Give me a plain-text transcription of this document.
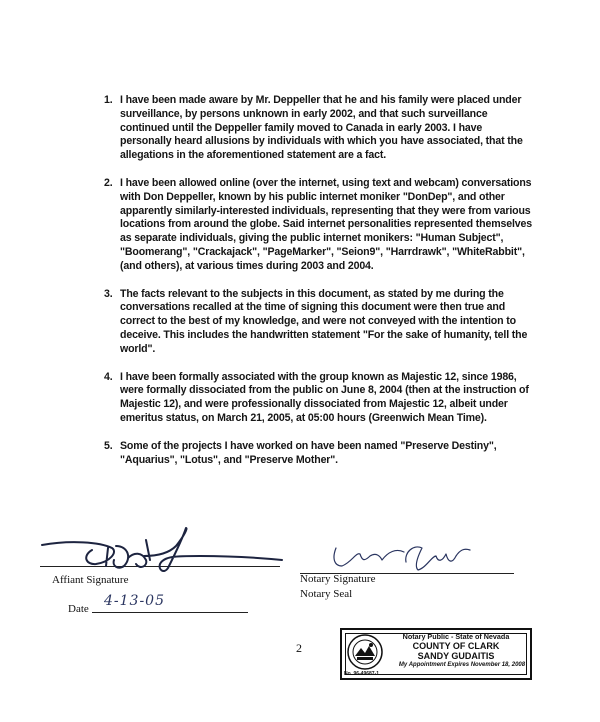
1. I have been made aware by Mr. Deppeller that he and his family were placed under surveillance, by persons unknown in early 2002, and that such surveillance continued until the Deppeller family moved to Canada in early 2003. I have personally heard allusions by individuals with which you have associated, that the allegations in the aforementioned statement are a fact.
2. I have been allowed online (over the internet, using text and webcam) conversations with Don Deppeller, known by his public internet moniker "DonDep", and other apparently similarly-interested individuals, representing that they were from various locations from around the globe. Said internet personalities represented themselves as separate individuals, giving the public internet monikers: "Human Subject", "Boomerang", "Crackajack", "PageMarker", "Seion9", "Harrdrawk", "WhiteRabbit", (and others), at various times during 2003 and 2004.
3. The facts relevant to the subjects in this document, as stated by me during the conversations recalled at the time of signing this document were then true and correct to the best of my knowledge, and were not conveyed with the intention to deceive. This includes the handwritten statement "For the sake of humanity, tell the world".
4. I have been formally associated with the group known as Majestic 12, since 1986, were formally dissociated from the public on June 8, 2004 (then at the instruction of Majestic 12), and were professionally dissociated from Majestic 12, albeit under emeritus status, on March 21, 2005, at 05:00 hours (Greenwich Mean Time).
5. Some of the projects I have worked on have been named "Preserve Destiny", "Aquarius", "Lotus", and "Preserve Mother".
Affiant Signature
Date 4-13-05
Notary Signature
Notary Seal
2
Notary Public - State of Nevada
COUNTY OF CLARK
SANDY GUDAITIS
My Appointment Expires November 18, 2008
No. 96-49687-1
